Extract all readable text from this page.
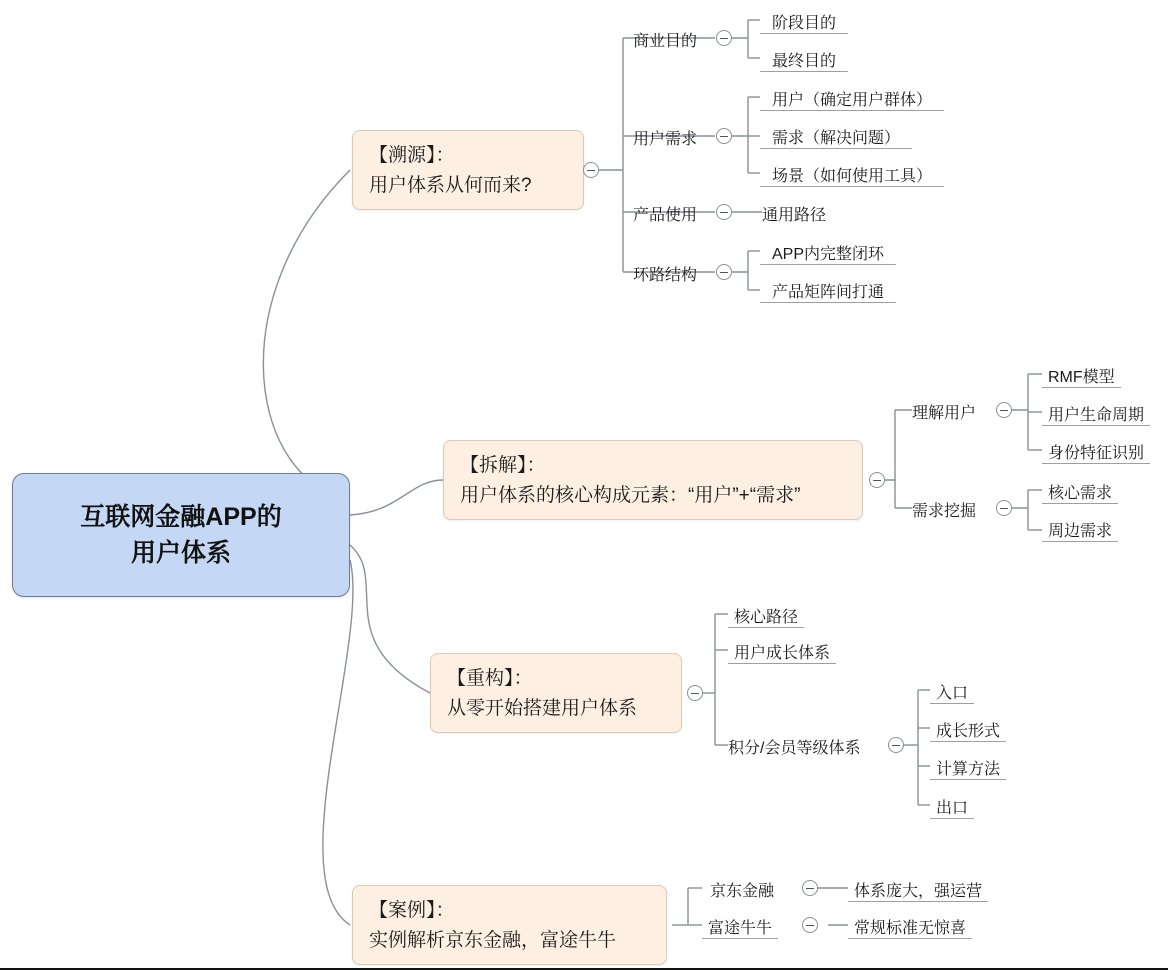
互联网金融APP的
用户体系
【溯源】：
用户体系从何而来?
商业目的
阶段目的
最终目的
用户需求
用户（确定用户群体）
需求（解决问题）
场景（如何使用工具）
产品使用	通用路径
环路结构
APP内完整闭环
产品矩阵间打通
【拆解】：
用户体系的核心构成元素：“用户”+“需求”
理解用户
RMF模型
用户生命周期
身份特征识别
需求挖掘
核心需求
周边需求
【重构】：
从零开始搭建用户体系
核心路径
用户成长体系
积分/会员等级体系
入口
成长形式
计算方法
出口
【案例】：
实例解析京东金融，富途牛牛
京东金融	体系庞大，强运营
富途牛牛	常规标准无惊喜
